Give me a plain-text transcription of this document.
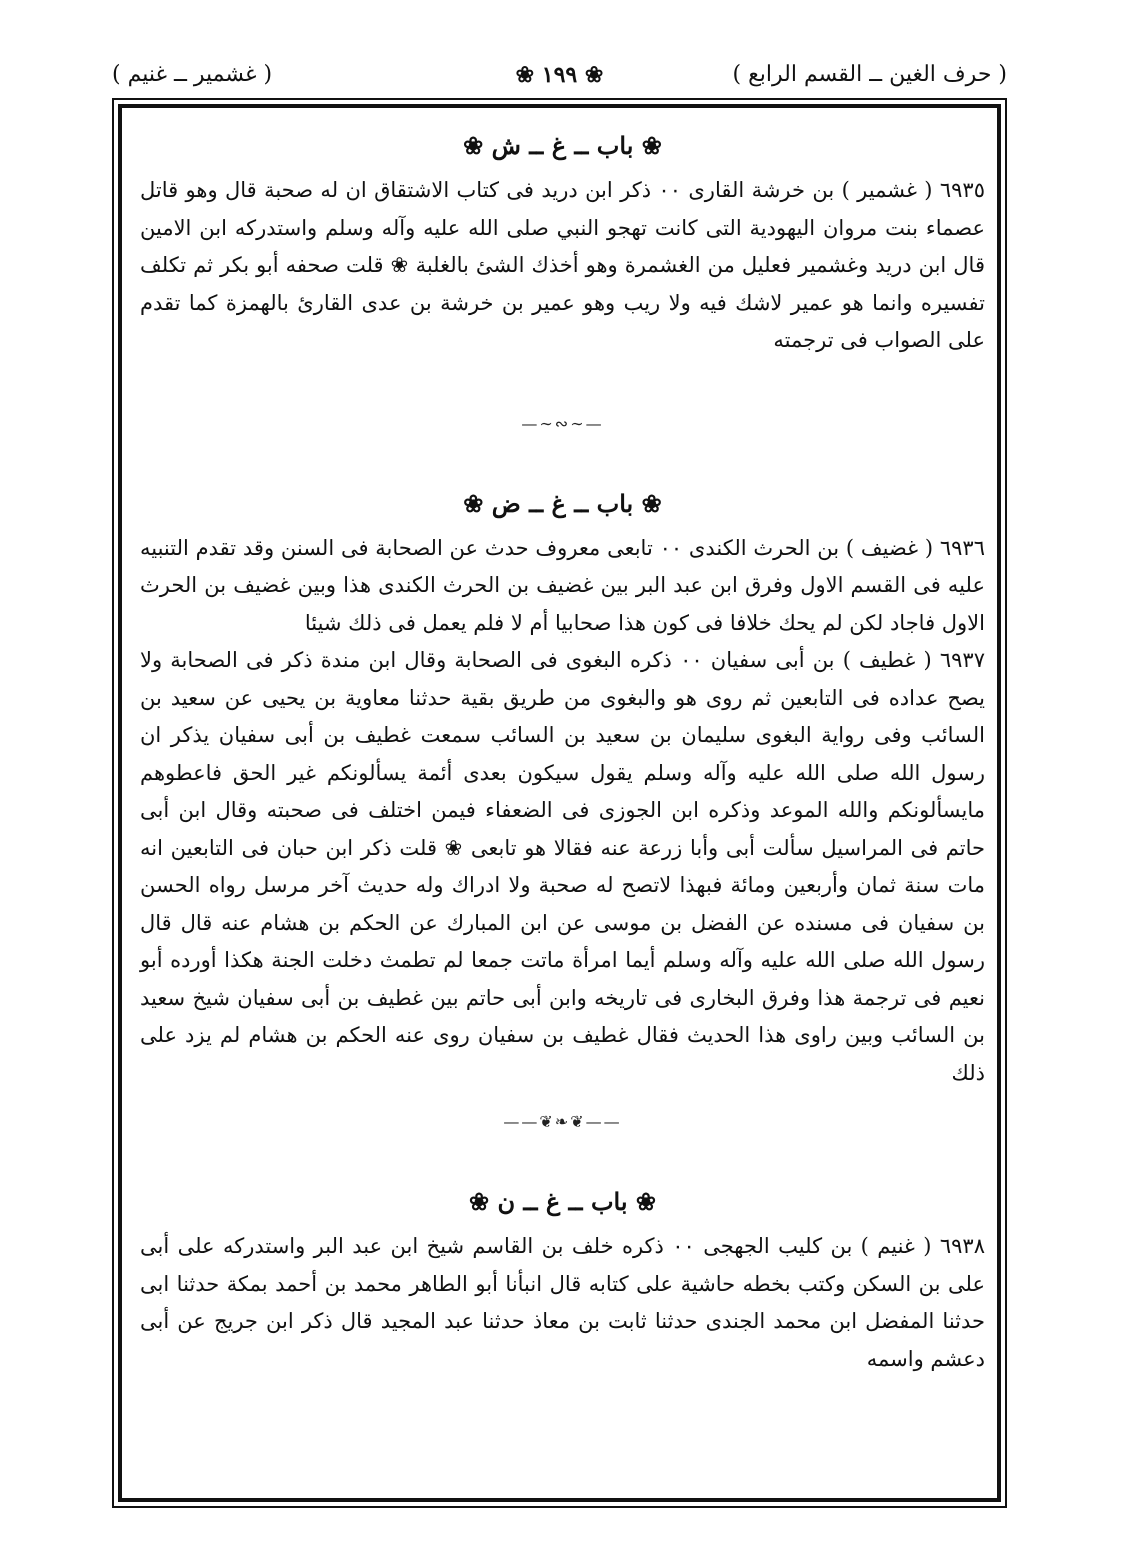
( حرف الغين ــ القسم الرابع )
❀ ١٩٩ ❀
( غشمير ــ غنيم )
❀ باب ــ غ ــ ش ❀

٦٩٣٥ ( غشمير ) بن خرشة القارى ٠٠ ذكر ابن دريد فى كتاب الاشتقاق ان له صحبة قال وهو قاتل عصماء بنت مروان اليهودية التى كانت تهجو النبي صلى الله عليه وآله وسلم واستدركه ابن الامين قال ابن دريد وغشمير فعليل من الغشمرة وهو أخذك الشئ بالغلبة ❀ قلت صحفه أبو بكر ثم تكلف تفسيره وانما هو عمير لاشك فيه ولا ريب وهو عمير بن خرشة بن عدى القارئ بالهمزة كما تقدم على الصواب فى ترجمته

—∽∾∽—
❀ باب ــ غ ــ ض ❀

٦٩٣٦ ( غضيف ) بن الحرث الكندى ٠٠ تابعى معروف حدث عن الصحابة فى السنن وقد تقدم التنبيه عليه فى القسم الاول وفرق ابن عبد البر بين غضيف بن الحرث الكندى هذا وبين غضيف بن الحرث الاول فاجاد لكن لم يحك خلافا فى كون هذا صحابيا أم لا فلم يعمل فى ذلك شيئا

٦٩٣٧ ( غطيف ) بن أبى سفيان ٠٠ ذكره البغوى فى الصحابة وقال ابن مندة ذكر فى الصحابة ولا يصح عداده فى التابعين ثم روى هو والبغوى من طريق بقية حدثنا معاوية بن يحيى عن سعيد بن السائب وفى رواية البغوى سليمان بن سعيد بن السائب سمعت غطيف بن أبى سفيان يذكر ان رسول الله صلى الله عليه وآله وسلم يقول سيكون بعدى أئمة يسألونكم غير الحق فاعطوهم مايسألونكم والله الموعد وذكره ابن الجوزى فى الضعفاء فيمن اختلف فى صحبته وقال ابن أبى حاتم فى المراسيل سألت أبى وأبا زرعة عنه فقالا هو تابعى ❀ قلت ذكر ابن حبان فى التابعين انه مات سنة ثمان وأربعين ومائة فبهذا لاتصح له صحبة ولا ادراك وله حديث آخر مرسل رواه الحسن بن سفيان فى مسنده عن الفضل بن موسى عن ابن المبارك عن الحكم بن هشام عنه قال قال رسول الله صلى الله عليه وآله وسلم أيما امرأة ماتت جمعا لم تطمث دخلت الجنة هكذا أورده أبو نعيم فى ترجمة هذا وفرق البخارى فى تاريخه وابن أبى حاتم بين غطيف بن أبى سفيان شيخ سعيد بن السائب وبين راوى هذا الحديث فقال غطيف بن سفيان روى عنه الحكم بن هشام لم يزد على ذلك

——❦❧❦——
❀ باب ــ غ ــ ن ❀

٦٩٣٨ ( غنيم ) بن كليب الجهجى ٠٠ ذكره خلف بن القاسم شيخ ابن عبد البر واستدركه على أبى على بن السكن وكتب بخطه حاشية على كتابه قال انبأنا أبو الطاهر محمد بن أحمد بمكة حدثنا ابى حدثنا المفضل ابن محمد الجندى حدثنا ثابت بن معاذ حدثنا عبد المجيد قال ذكر ابن جريج عن أبى دعشم واسمه
